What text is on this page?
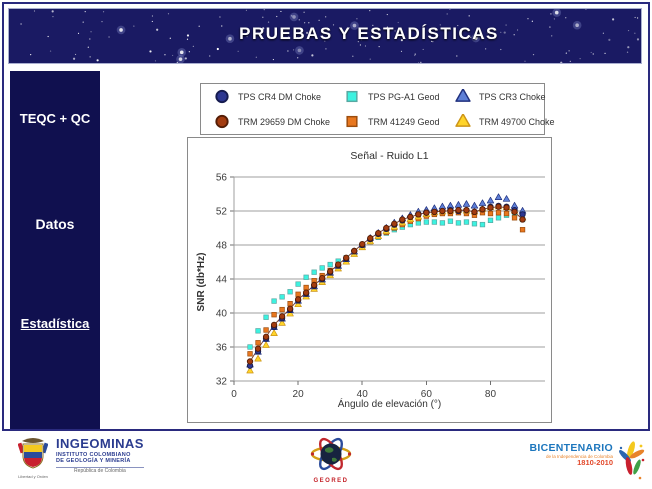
PRUEBAS Y ESTADÍSTICAS
TEQC + QC
Datos
Estadística
TPS CR4 DM Choke	TPS PG-A1 Geod	TPS CR3 Choke
TRM 29659 DM Choke	TRM 41249 Geod	TRM 49700 Choke
32
36
40
44
48
52
56
0	20	40	60	80
Señal - Ruido L1
Ángulo de elevación (°)
SNR (db*Hz)
Libertad y Orden
INGEOMINAS
INSTITUTO COLOMBIANO
DE GEOLOGÍA Y MINERÍA
República de Colombia
GEORED
BICENTENARIO
de la Independencia de Colombia
1810-2010
